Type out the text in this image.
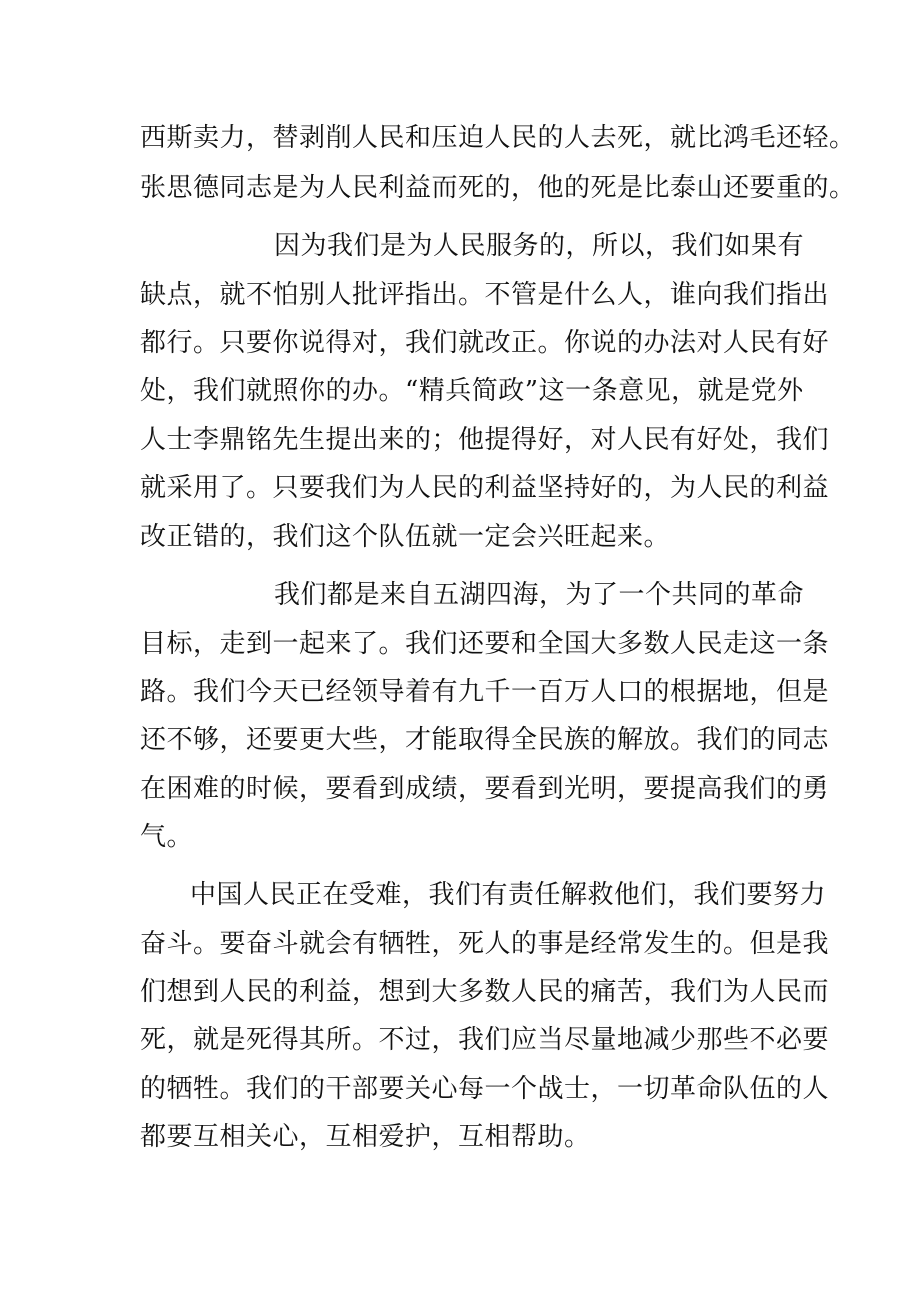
西斯卖力，替剥削人民和压迫人民的人去死，就比鸿毛还轻。
张思德同志是为人民利益而死的，他的死是比泰山还要重的。
因为我们是为人民服务的，所以，我们如果有
缺点，就不怕别人批评指出。不管是什么人，谁向我们指出
都行。只要你说得对，我们就改正。你说的办法对人民有好
处，我们就照你的办。“精兵简政”这一条意见，就是党外
人士李鼎铭先生提出来的；他提得好，对人民有好处，我们
就采用了。只要我们为人民的利益坚持好的，为人民的利益
改正错的，我们这个队伍就一定会兴旺起来。
我们都是来自五湖四海，为了一个共同的革命
目标，走到一起来了。我们还要和全国大多数人民走这一条
路。我们今天已经领导着有九千一百万人口的根据地，但是
还不够，还要更大些，才能取得全民族的解放。我们的同志
在困难的时候，要看到成绩，要看到光明，要提高我们的勇
气。
中国人民正在受难，我们有责任解救他们，我们要努力
奋斗。要奋斗就会有牺牲，死人的事是经常发生的。但是我
们想到人民的利益，想到大多数人民的痛苦，我们为人民而
死，就是死得其所。不过，我们应当尽量地减少那些不必要
的牺牲。我们的干部要关心每一个战士，一切革命队伍的人
都要互相关心，互相爱护，互相帮助。
